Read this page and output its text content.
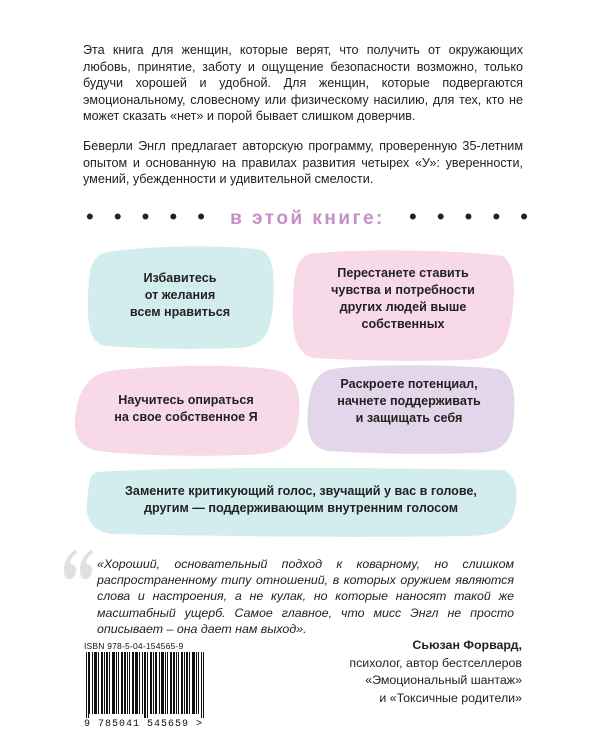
Эта книга для женщин, которые верят, что получить от окружающих любовь, принятие, заботу и ощущение безопасности возможно, только будучи хорошей и удобной. Для женщин, которые подвергаются эмоциональному, словесному или физическому насилию, для тех, кто не может сказать «нет» и порой бывает слишком доверчив.

Беверли Энгл предлагает авторскую программу, проверенную 35-летним опытом и основанную на правилах развития четырех «У»: уверенности, умений, убежденности и удивительной смелости.

• • • • • в этой книге:	• • • • •
Избавитесь
от желания
всем нравиться
Перестанете ставить
чувства и потребности
других людей выше
собственных
Научитесь опираться
на свое собственное Я
Раскроете потенциал,
начнете поддерживать
и защищать себя
Замените критикующий голос, звучащий у вас в голове,
другим — поддерживающим внутренним голосом

«Хороший, основательный подход к коварному, но слишком распространенному типу отношений, в которых оружием являются слова и настроения, а не кулак, но которые наносят такой же масштабный ущерб. Самое главное, что мисс Энгл не просто описывает – она дает нам выход».

Сьюзан Форвард,
психолог, автор бестселлеров
«Эмоциональный шантаж»
и «Токсичные родители»
ISBN 978-5-04-154565-9
9 785041 545659 >
